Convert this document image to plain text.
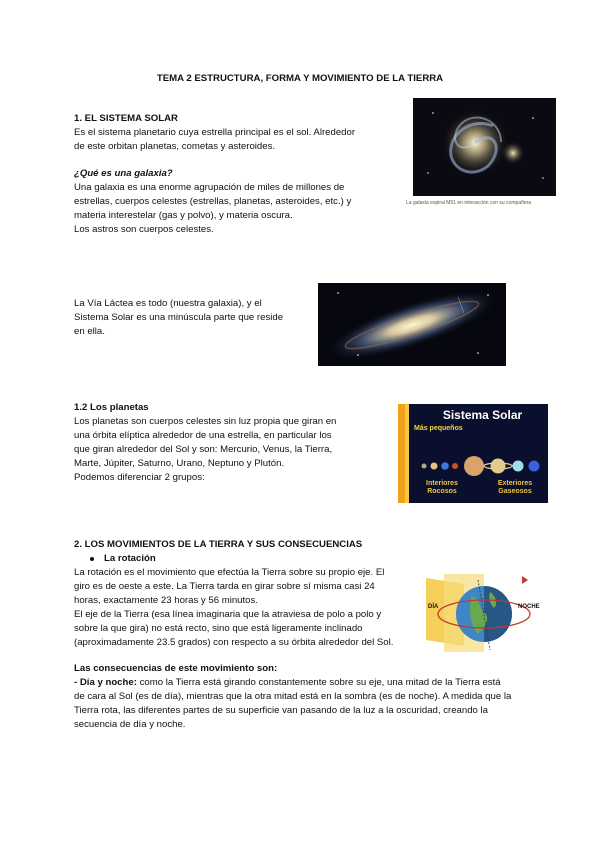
TEMA 2 ESTRUCTURA, FORMA Y MOVIMIENTO DE LA TIERRA

1. EL SISTEMA SOLAR

Es el sistema planetario cuya estrella principal es el sol. Alrededor

de este orbitan planetas, cometas y asteroides.

¿Qué es una galaxia?

Una galaxia es una enorme agrupación de miles de millones de

estrellas, cuerpos celestes (estrellas, planetas, asteroides, etc.) y

materia interestelar (gas y polvo), y materia oscura.

Los astros son cuerpos celestes.

La galaxia espiral M51 en interacción con su compañera

La Vía Láctea es todo (nuestra galaxia), y el

Sistema Solar es una minúscula parte que reside

en ella.

1.2 Los planetas

Los planetas son cuerpos celestes sin luz propia que giran en

una órbita elíptica alrededor de una estrella, en particular los

que giran alrededor del Sol y son: Mercurio, Venus, la Tierra,

Marte, Júpiter, Saturno, Urano, Neptuno y Plutón.

Podemos diferenciar 2 grupos:

Sistema Solar
Más pequeños
Interiores Rocosos
Exteriores Gaseosos

2. LOS MOVIMIENTOS DE LA TIERRA Y SUS CONSECUENCIAS

La rotación

La rotación es el movimiento que efectúa la Tierra sobre su propio eje. El

giro es de oeste a este. La Tierra tarda en girar sobre sí misma casi 24

horas, exactamente 23 horas y 56 minutos.

El eje de la Tierra (esa línea imaginaria que la atraviesa de polo a polo y

sobre la que gira) no está recto, sino que está ligeramente inclinado

(aproximadamente 23.5 grados) con respecto a su órbita alrededor del Sol.

DÍA	NOCHE

Las consecuencias de este movimiento son:

- Día y noche: como la Tierra está girando constantemente sobre su eje, una mitad de la Tierra está

de cara al Sol (es de día), mientras que la otra mitad está en la sombra (es de noche). A medida que la

Tierra rota, las diferentes partes de su superficie van pasando de la luz a la oscuridad, creando la

secuencia de día y noche.
